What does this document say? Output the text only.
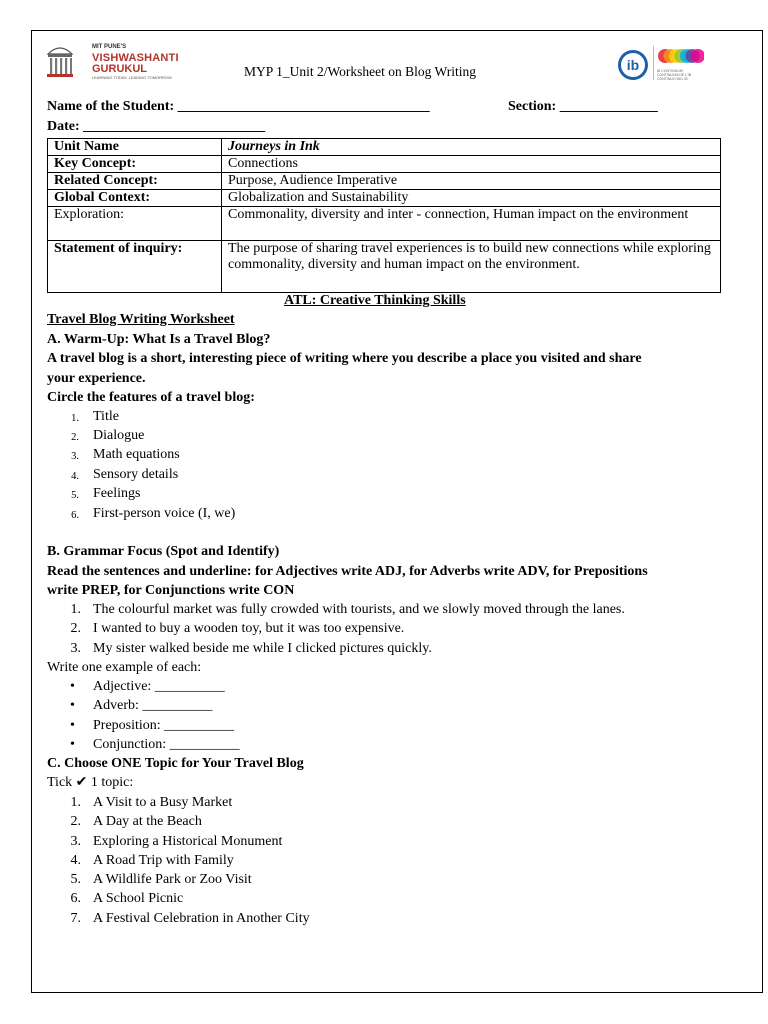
MIT PUNE'S
VISHWASHANTI
GURUKUL
LEARNING TODAY, LEADING TOMORROW	MYP 1_Unit 2/Worksheet on Blog Writing	ib	IB CONTINUUM
CONTINUUM DE L'IB
CONTINUO DEL IB
Name of the Student: ____________________________________	Section: ______________
Date: __________________________
Unit Name	Journeys in Ink
Key Concept:	Connections
Related Concept:	Purpose, Audience Imperative
Global Context:	Globalization and Sustainability
Exploration:	Commonality, diversity and inter - connection, Human impact on the environment
Statement of inquiry:	The purpose of sharing travel experiences is to build new connections while exploring commonality, diversity and human impact on the environment.
ATL: Creative Thinking Skills
Travel Blog Writing Worksheet
A. Warm-Up: What Is a Travel Blog?
A travel blog is a short, interesting piece of writing where you describe a place you visited and share
your experience.
Circle the features of a travel blog:
1. Title
2. Dialogue
3. Math equations
4. Sensory details
5. Feelings
6. First-person voice (I, we)
B. Grammar Focus (Spot and Identify)
Read the sentences and underline: for Adjectives write ADJ, for Adverbs write ADV, for Prepositions
write PREP, for Conjunctions write CON
1. The colourful market was fully crowded with tourists, and we slowly moved through the lanes.
2. I wanted to buy a wooden toy, but it was too expensive.
3. My sister walked beside me while I clicked pictures quickly.
Write one example of each:
• Adjective: __________
• Adverb: __________
• Preposition: __________
• Conjunction: __________
C. Choose ONE Topic for Your Travel Blog
Tick ✔ 1 topic:
1. A Visit to a Busy Market
2. A Day at the Beach
3. Exploring a Historical Monument
4. A Road Trip with Family
5. A Wildlife Park or Zoo Visit
6. A School Picnic
7. A Festival Celebration in Another City
